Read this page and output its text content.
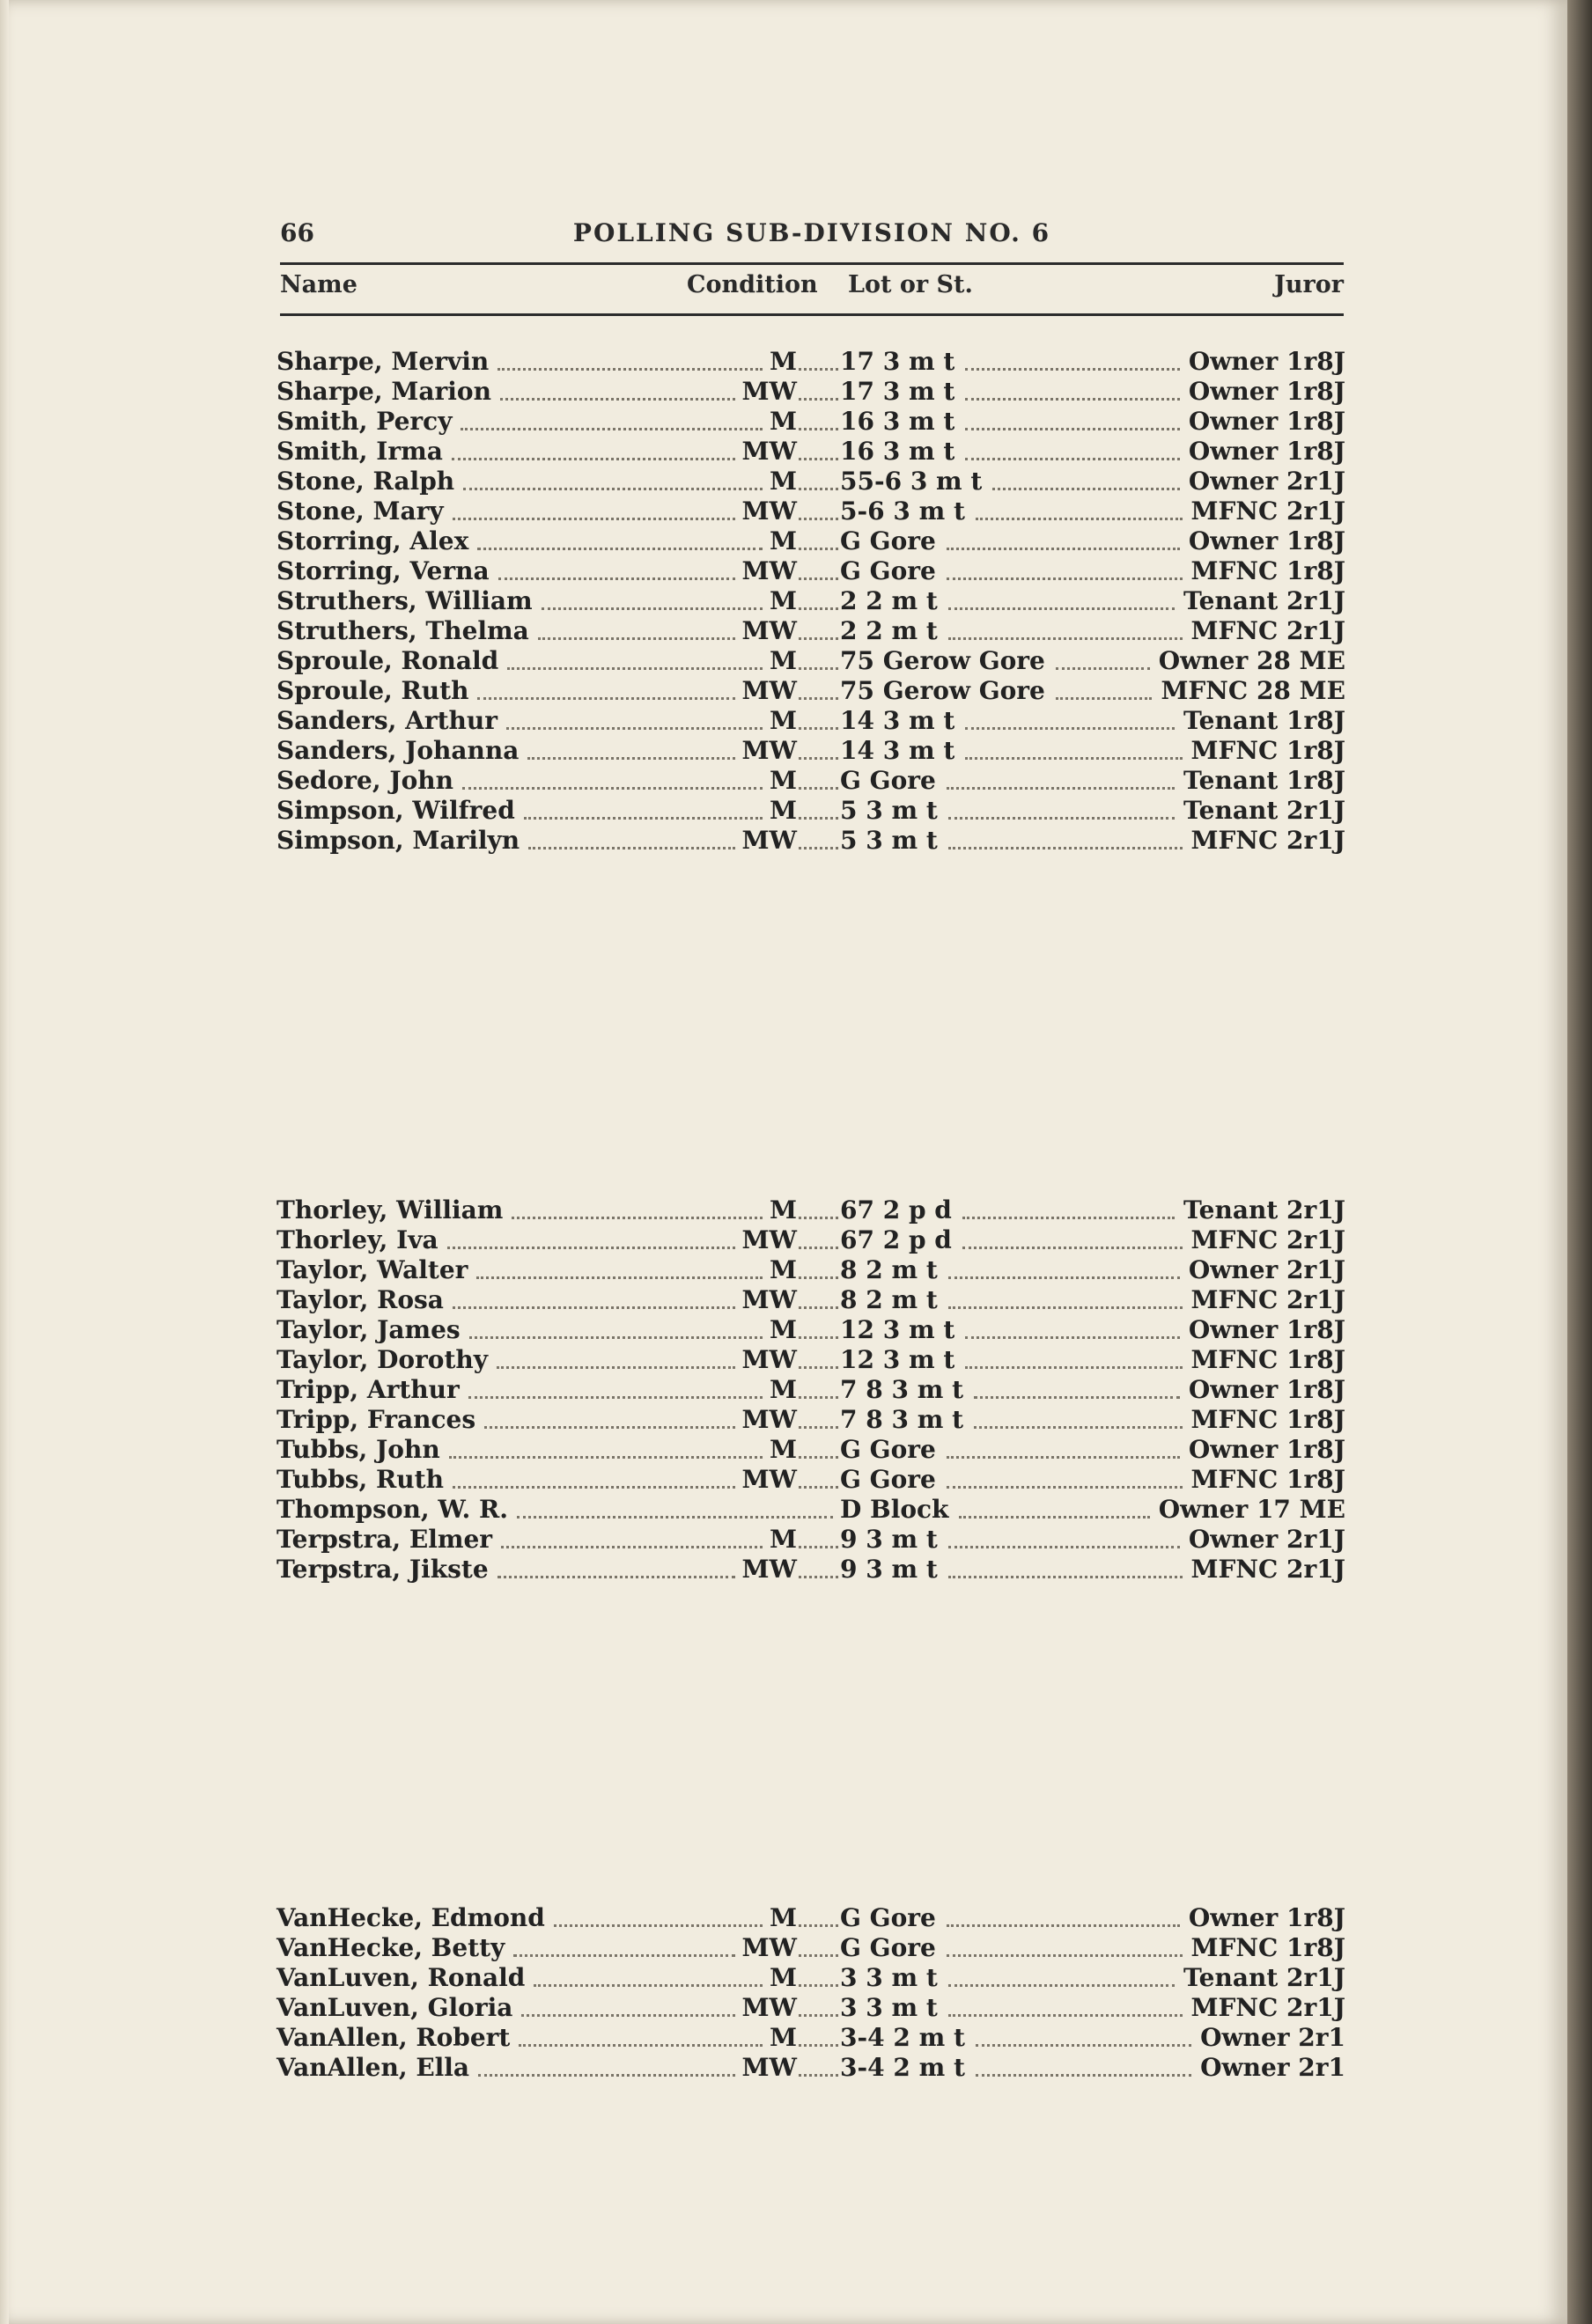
66	POLLING SUB-DIVISION NO. 6
Name	Condition Lot or St.	Juror
Sharpe, Mervin	M 17 3 m t	Owner 1r8J
Sharpe, Marion	MW 17 3 m t	Owner 1r8J
Smith, Percy	M 16 3 m t	Owner 1r8J
Smith, Irma	MW 16 3 m t	Owner 1r8J
Stone, Ralph	M 55-6 3 m t	Owner 2r1J
Stone, Mary	MW 5-6 3 m t	MFNC 2r1J
Storring, Alex	M G Gore	Owner 1r8J
Storring, Verna	MW G Gore	MFNC 1r8J
Struthers, William	M 2 2 m t	Tenant 2r1J
Struthers, Thelma	MW 2 2 m t	MFNC 2r1J
Sproule, Ronald	M 75 Gerow Gore	Owner 28 ME
Sproule, Ruth	MW 75 Gerow Gore	MFNC 28 ME
Sanders, Arthur	M 14 3 m t	Tenant 1r8J
Sanders, Johanna	MW 14 3 m t	MFNC 1r8J
Sedore, John	M G Gore	Tenant 1r8J
Simpson, Wilfred	M 5 3 m t	Tenant 2r1J
Simpson, Marilyn	MW 5 3 m t	MFNC 2r1J
Thorley, William	M 67 2 p d	Tenant 2r1J
Thorley, Iva	MW 67 2 p d	MFNC 2r1J
Taylor, Walter	M 8 2 m t	Owner 2r1J
Taylor, Rosa	MW 8 2 m t	MFNC 2r1J
Taylor, James	M 12 3 m t	Owner 1r8J
Taylor, Dorothy	MW 12 3 m t	MFNC 1r8J
Tripp, Arthur	M 7 8 3 m t	Owner 1r8J
Tripp, Frances	MW 7 8 3 m t	MFNC 1r8J
Tubbs, John	M G Gore	Owner 1r8J
Tubbs, Ruth	MW G Gore	MFNC 1r8J
Thompson, W. R.	D Block	Owner 17 ME
Terpstra, Elmer	M 9 3 m t	Owner 2r1J
Terpstra, Jikste	MW 9 3 m t	MFNC 2r1J
VanHecke, Edmond	M G Gore	Owner 1r8J
VanHecke, Betty	MW G Gore	MFNC 1r8J
VanLuven, Ronald	M 3 3 m t	Tenant 2r1J
VanLuven, Gloria	MW 3 3 m t	MFNC 2r1J
VanAllen, Robert	M 3-4 2 m t	Owner 2r1
VanAllen, Ella	MW 3-4 2 m t	Owner 2r1
